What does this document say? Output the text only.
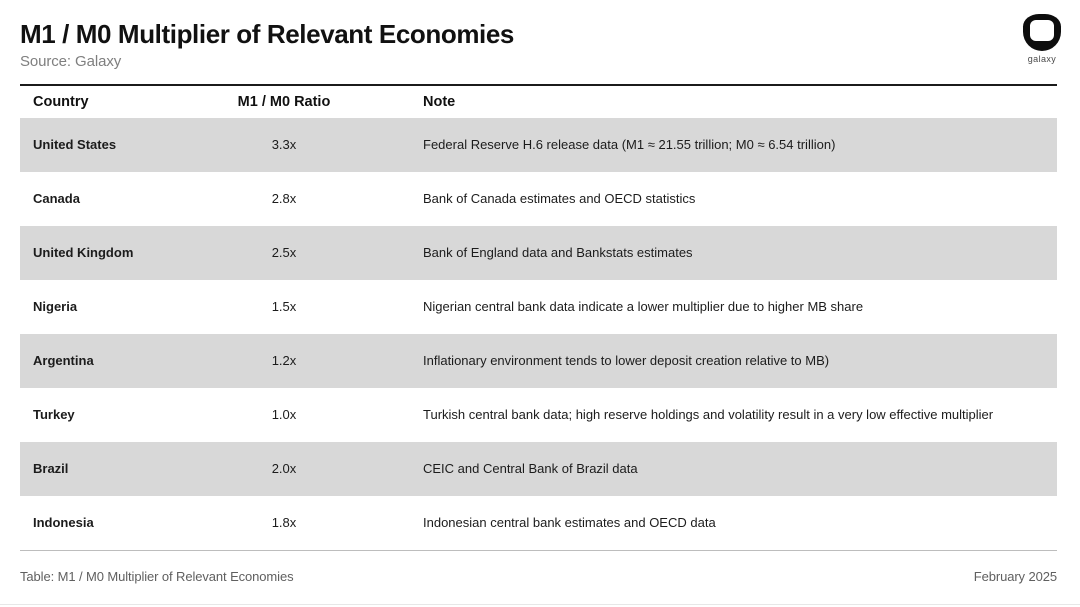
M1 / M0 Multiplier of Relevant Economies
Source: Galaxy	galaxy
Country	M1 / M0 Ratio	Note
United States	3.3x	Federal Reserve H.6 release data (M1 ≈ 21.55 trillion; M0 ≈ 6.54 trillion)
Canada	2.8x	Bank of Canada estimates and OECD statistics
United Kingdom	2.5x	Bank of England data and Bankstats estimates
Nigeria	1.5x	Nigerian central bank data indicate a lower multiplier due to higher MB share
Argentina	1.2x	Inflationary environment tends to lower deposit creation relative to MB)
Turkey	1.0x	Turkish central bank data; high reserve holdings and volatility result in a very low effective multiplier
Brazil	2.0x	CEIC and Central Bank of Brazil data
Indonesia	1.8x	Indonesian central bank estimates and OECD data
Table: M1 / M0 Multiplier of Relevant Economies	February 2025
